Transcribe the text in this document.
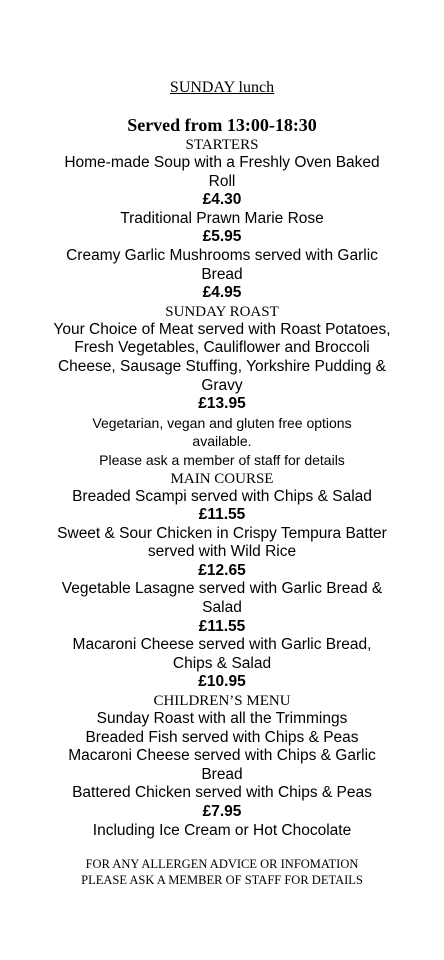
SUNDAY lunch
Served from 13:00-18:30
STARTERS
Home-made Soup with a Freshly Oven Baked Roll
£4.30
Traditional Prawn Marie Rose
£5.95
Creamy Garlic Mushrooms served with Garlic Bread
£4.95
SUNDAY ROAST
Your Choice of Meat served with Roast Potatoes, Fresh Vegetables, Cauliflower and Broccoli Cheese, Sausage Stuffing, Yorkshire Pudding & Gravy
£13.95
Vegetarian, vegan and gluten free options available.
Please ask a member of staff for details
MAIN COURSE
Breaded Scampi served with Chips & Salad
£11.55
Sweet & Sour Chicken in Crispy Tempura Batter served with Wild Rice
£12.65
Vegetable Lasagne served with Garlic Bread & Salad
£11.55
Macaroni Cheese served with Garlic Bread, Chips & Salad
£10.95
CHILDREN’S MENU
Sunday Roast with all the Trimmings
Breaded Fish served with Chips & Peas
Macaroni Cheese served with Chips & Garlic Bread
Battered Chicken served with Chips & Peas
£7.95
Including Ice Cream or Hot Chocolate
FOR ANY ALLERGEN ADVICE OR INFOMATION
PLEASE ASK A MEMBER OF STAFF FOR DETAILS
